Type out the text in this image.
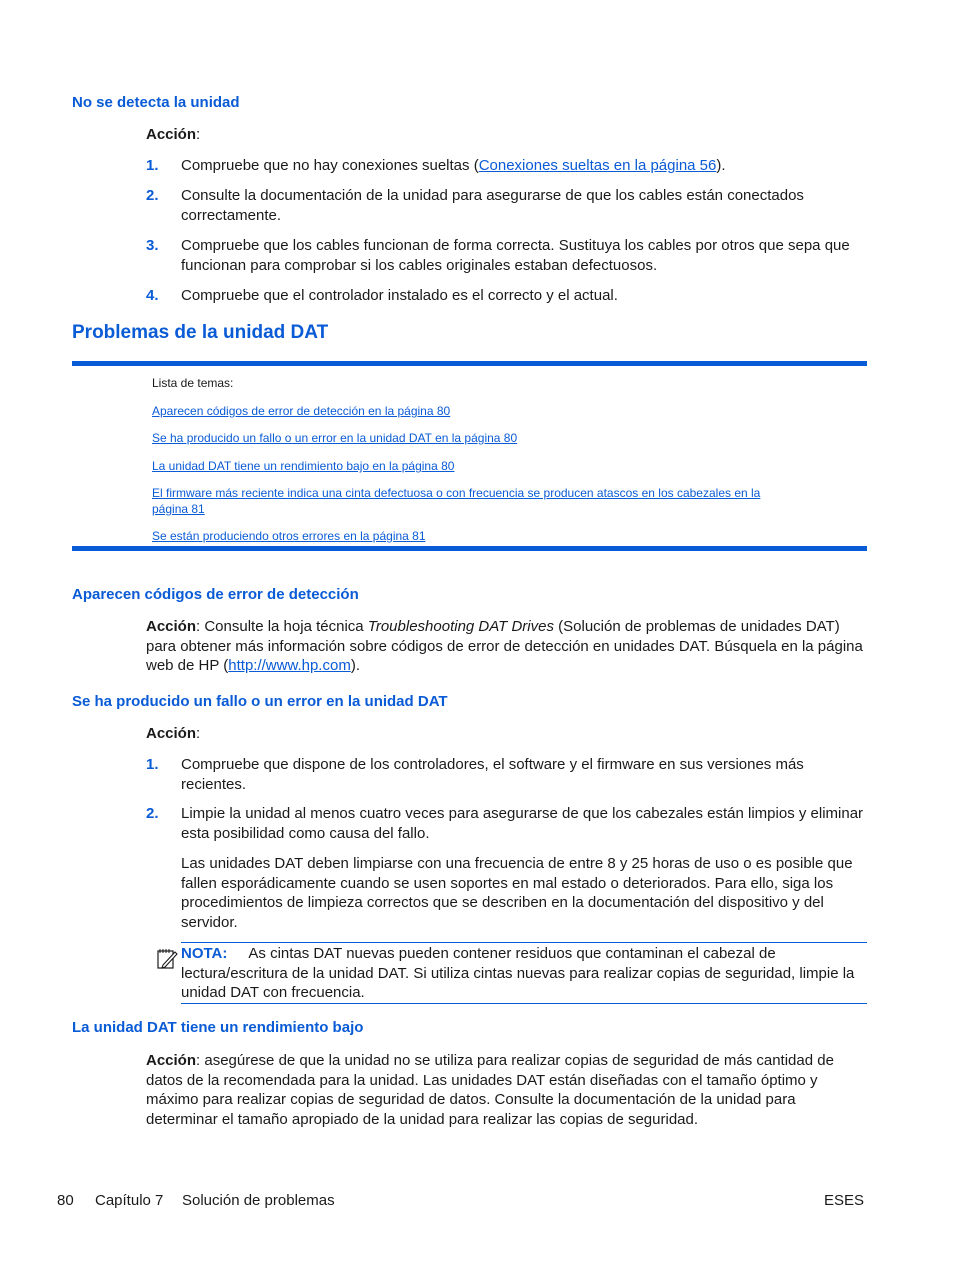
No se detecta la unidad
Acción:
1. Compruebe que no hay conexiones sueltas (Conexiones sueltas en la página 56).
2. Consulte la documentación de la unidad para asegurarse de que los cables están conectados correctamente.
3. Compruebe que los cables funcionan de forma correcta. Sustituya los cables por otros que sepa que funcionan para comprobar si los cables originales estaban defectuosos.
4. Compruebe que el controlador instalado es el correcto y el actual.
Problemas de la unidad DAT
Lista de temas:
Aparecen códigos de error de detección en la página 80
Se ha producido un fallo o un error en la unidad DAT en la página 80
La unidad DAT tiene un rendimiento bajo en la página 80
El firmware más reciente indica una cinta defectuosa o con frecuencia se producen atascos en los cabezales en la página 81
Se están produciendo otros errores en la página 81
Aparecen códigos de error de detección
Acción: Consulte la hoja técnica Troubleshooting DAT Drives (Solución de problemas de unidades DAT) para obtener más información sobre códigos de error de detección en unidades DAT. Búsquela en la página web de HP (http://www.hp.com).
Se ha producido un fallo o un error en la unidad DAT
Acción:
1. Compruebe que dispone de los controladores, el software y el firmware en sus versiones más recientes.
2. Limpie la unidad al menos cuatro veces para asegurarse de que los cabezales están limpios y eliminar esta posibilidad como causa del fallo.
Las unidades DAT deben limpiarse con una frecuencia de entre 8 y 25 horas de uso o es posible que fallen esporádicamente cuando se usen soportes en mal estado o deteriorados. Para ello, siga los procedimientos de limpieza correctos que se describen en la documentación del dispositivo y del servidor.
NOTA: As cintas DAT nuevas pueden contener residuos que contaminan el cabezal de lectura/escritura de la unidad DAT. Si utiliza cintas nuevas para realizar copias de seguridad, limpie la unidad DAT con frecuencia.
La unidad DAT tiene un rendimiento bajo
Acción: asegúrese de que la unidad no se utiliza para realizar copias de seguridad de más cantidad de datos de la recomendada para la unidad. Las unidades DAT están diseñadas con el tamaño óptimo y máximo para realizar copias de seguridad de datos. Consulte la documentación de la unidad para determinar el tamaño apropiado de la unidad para realizar las copias de seguridad.
80 Capítulo 7 Solución de problemas	ESES
